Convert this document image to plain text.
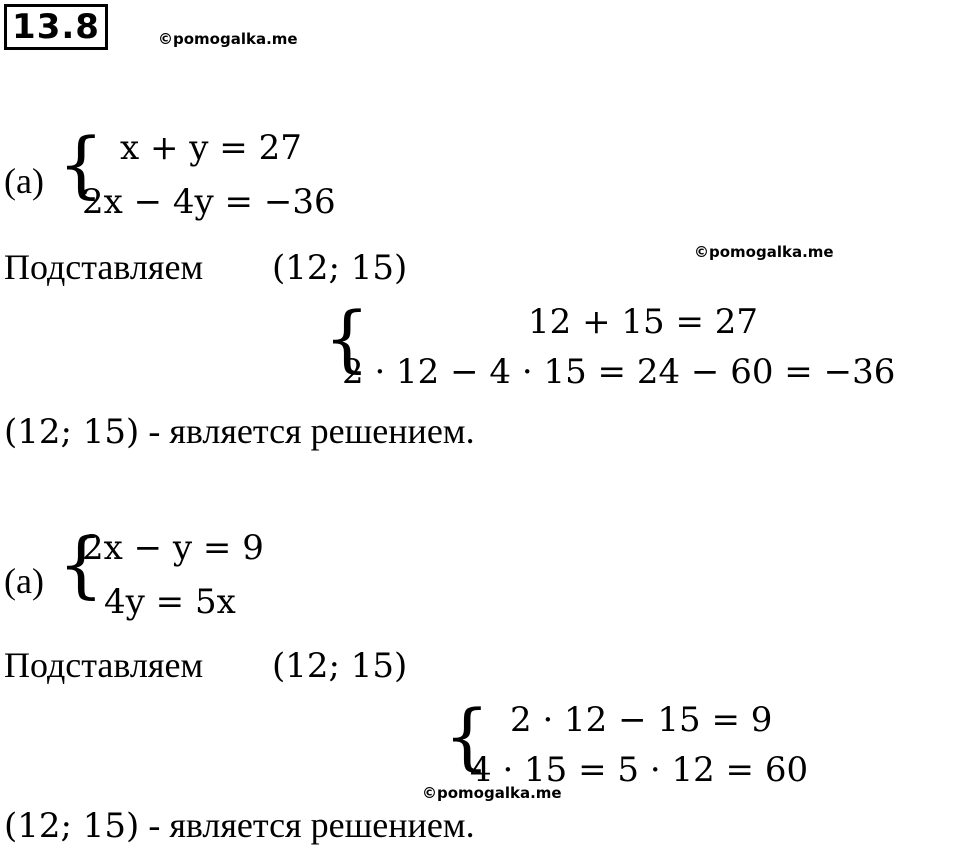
13.8	©pomogalka.me
(a) { x + y = 27
2x − 4y = −36
Подставляем (12; 15)	©pomogalka.me
{	12 + 15 = 27
2 · 12 − 4 · 15 = 24 − 60 = −36
(12; 15) - является решением.
(a) {
2x − y = 9
4y = 5x
Подставляем (12; 15)
{ 2 · 12 − 15 = 9
4 · 15 = 5 · 12 = 60
©pomogalka.me
(12; 15) - является решением.
